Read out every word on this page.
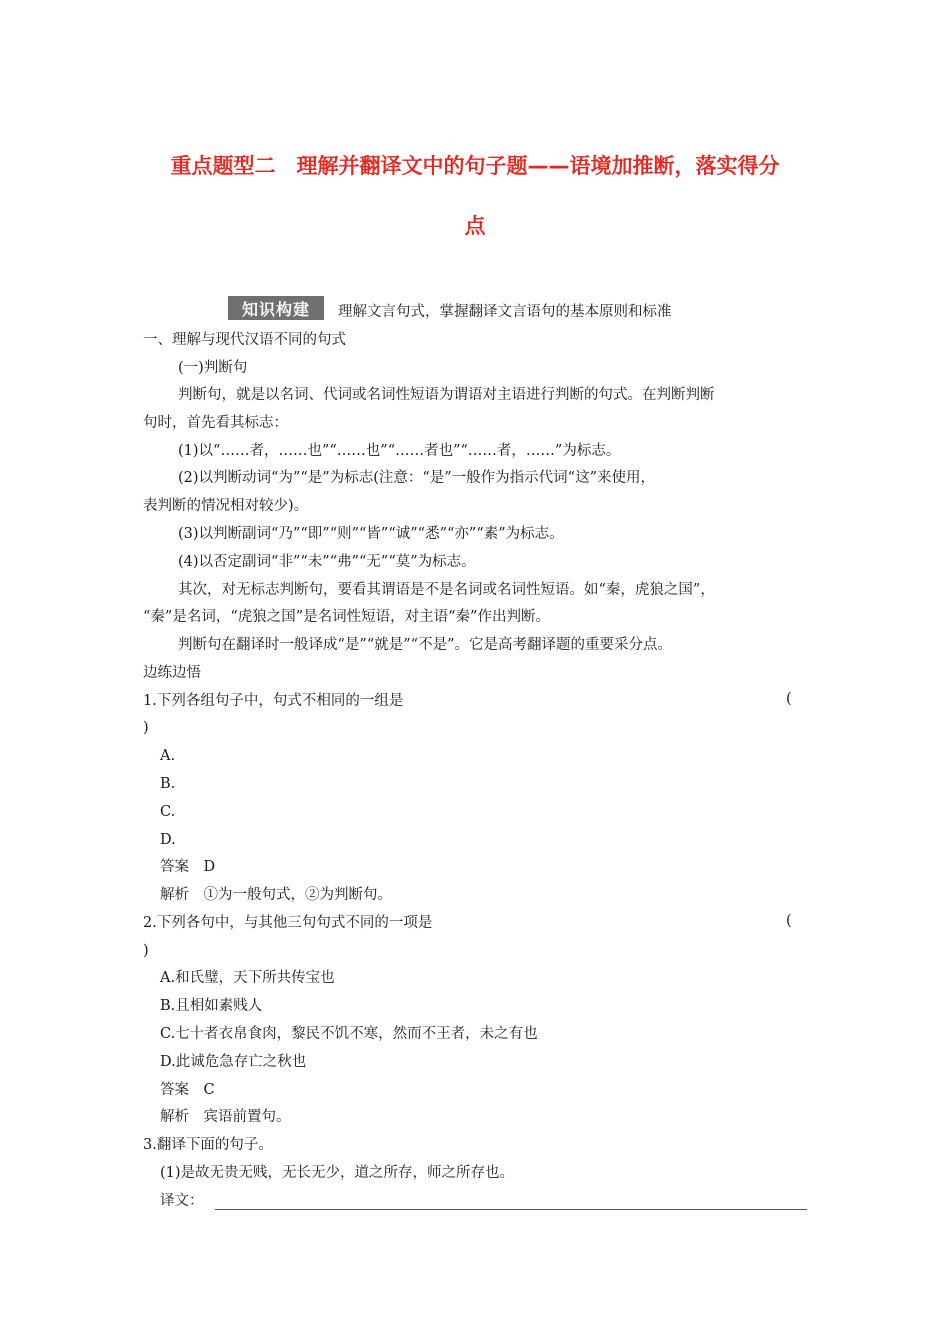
重点题型二　理解并翻译文中的句子题——语境加推断，落实得分
点
知识构建	理解文言句式，掌握翻译文言语句的基本原则和标准
一、理解与现代汉语不同的句式
(一)判断句
判断句，就是以名词、代词或名词性短语为谓语对主语进行判断的句式。在判断判断
句时，首先看其标志：
(1)以“……者，……也”“……也”“……者也”“……者，……”为标志。
(2)以判断动词“为”“是”为标志(注意：“是”一般作为指示代词“这”来使用，
表判断的情况相对较少)。
(3)以判断副词“乃”“即”“则”“皆”“诚”“悉”“亦”“素”为标志。
(4)以否定副词“非”“未”“弗”“无”“莫”为标志。
其次，对无标志判断句，要看其谓语是不是名词或名词性短语。如“秦，虎狼之国”，
“秦”是名词，“虎狼之国”是名词性短语，对主语“秦”作出判断。
判断句在翻译时一般译成“是”“就是”“不是”。它是高考翻译题的重要采分点。
边练边悟
1.下列各组句子中，句式不相同的一组是	(
)
A.
B.
C.
D.
答案　D
解析　①为一般句式，②为判断句。
2.下列各句中，与其他三句句式不同的一项是	(
)
A.和氏璧，天下所共传宝也
B.且相如素贱人
C.七十者衣帛食肉，黎民不饥不寒，然而不王者，未之有也
D.此诚危急存亡之秋也
答案　C
解析　宾语前置句。
3.翻译下面的句子。
(1)是故无贵无贱，无长无少，道之所存，师之所存也。
译文：
